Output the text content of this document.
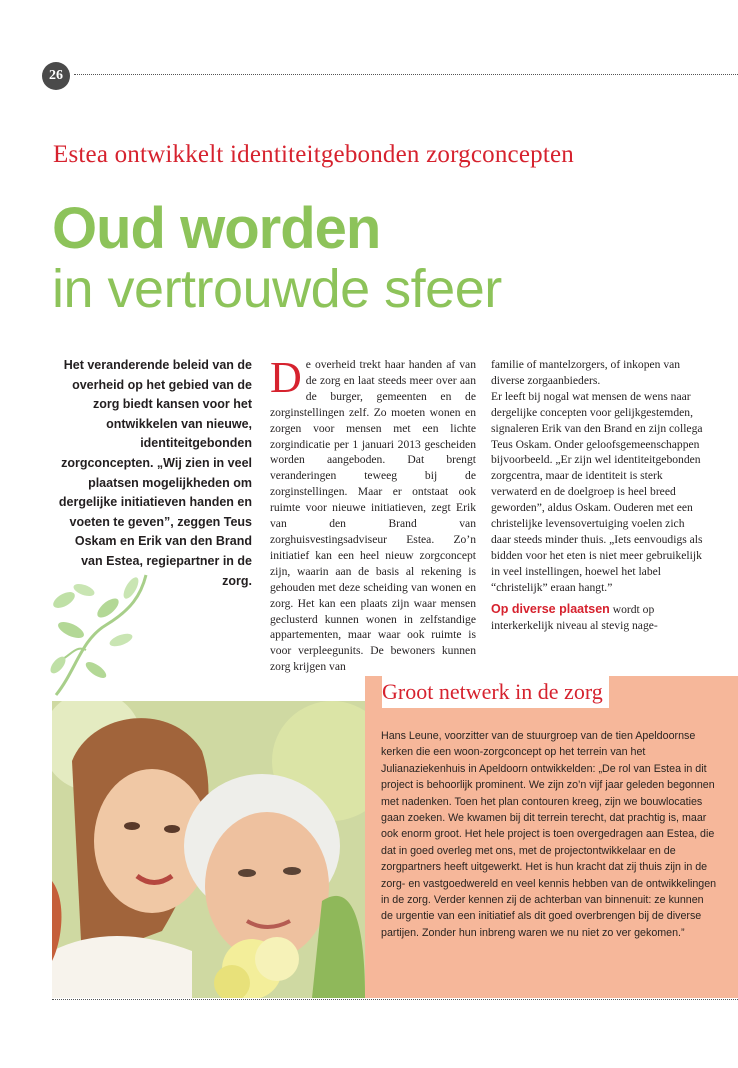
26
Estea ontwikkelt identiteitgebonden zorgconcepten
Oud worden
in vertrouwde sfeer

Het veranderende beleid van de overheid op het gebied van de zorg biedt kansen voor het ontwikkelen van nieuwe, identiteitgebonden zorgconcepten. „Wij zien in veel plaatsen mogelijkheden om dergelijke initiatieven handen en voeten te geven”, zeggen Teus Oskam en Erik van den Brand van Estea, regiepartner in de zorg.

De overheid trekt haar handen af van de zorg en laat steeds meer over aan de burger, gemeenten en de zorginstellingen zelf. Zo moeten wonen en zorgen voor mensen met een lichte zorgindicatie per 1 januari 2013 gescheiden worden aangeboden. Dat brengt veranderingen teweeg bij de zorginstellingen. Maar er ontstaat ook ruimte voor nieuwe initiatieven, zegt Erik van den Brand van zorghuisvestingsadviseur Estea. Zo’n initiatief kan een heel nieuw zorgconcept zijn, waarin aan de basis al rekening is gehouden met deze scheiding van wonen en zorg. Het kan een plaats zijn waar mensen geclusterd kunnen wonen in zelfstandige appartementen, maar waar ook ruimte is voor verpleegunits. De bewoners kunnen zorg krijgen van

familie of mantelzorgers, of inkopen van diverse zorgaanbieders.

Er leeft bij nogal wat mensen de wens naar dergelijke concepten voor gelijkgestemden, signaleren Erik van den Brand en zijn collega Teus Oskam. Onder geloofsgemeenschappen bijvoorbeeld. „Er zijn wel identiteitgebonden zorgcentra, maar de identiteit is sterk verwaterd en de doelgroep is heel breed geworden”, aldus Oskam. Ouderen met een christelijke levensovertuiging voelen zich daar steeds minder thuis. „Iets eenvoudigs als bidden voor het eten is niet meer gebruikelijk in veel instellingen, hoewel het label “christelijk” eraan hangt.”

Op diverse plaatsen wordt op interkerkelijk niveau al stevig nage-

Groot netwerk in de zorg

Hans Leune, voorzitter van de stuurgroep van de tien Apeldoornse kerken die een woon-zorgconcept op het terrein van het Julianaziekenhuis in Apeldoorn ontwikkelden: „De rol van Estea in dit project is behoorlijk prominent. We zijn zo’n vijf jaar geleden begonnen met nadenken. Toen het plan contouren kreeg, zijn we bouwlocaties gaan zoeken. We kwamen bij dit terrein terecht, dat prachtig is, maar ook enorm groot. Het hele project is toen overgedragen aan Estea, die dat in goed overleg met ons, met de projectontwikkelaar en de zorgpartners heeft uitgewerkt. Het is hun kracht dat zij thuis zijn in de zorg- en vastgoedwereld en veel kennis hebben van de ontwikkelingen in de zorg. Verder kennen zij de achterban van binnenuit: ze kunnen de urgentie van een initiatief als dit goed overbrengen bij de diverse partijen. Zonder hun inbreng waren we nu niet zo ver gekomen.”
